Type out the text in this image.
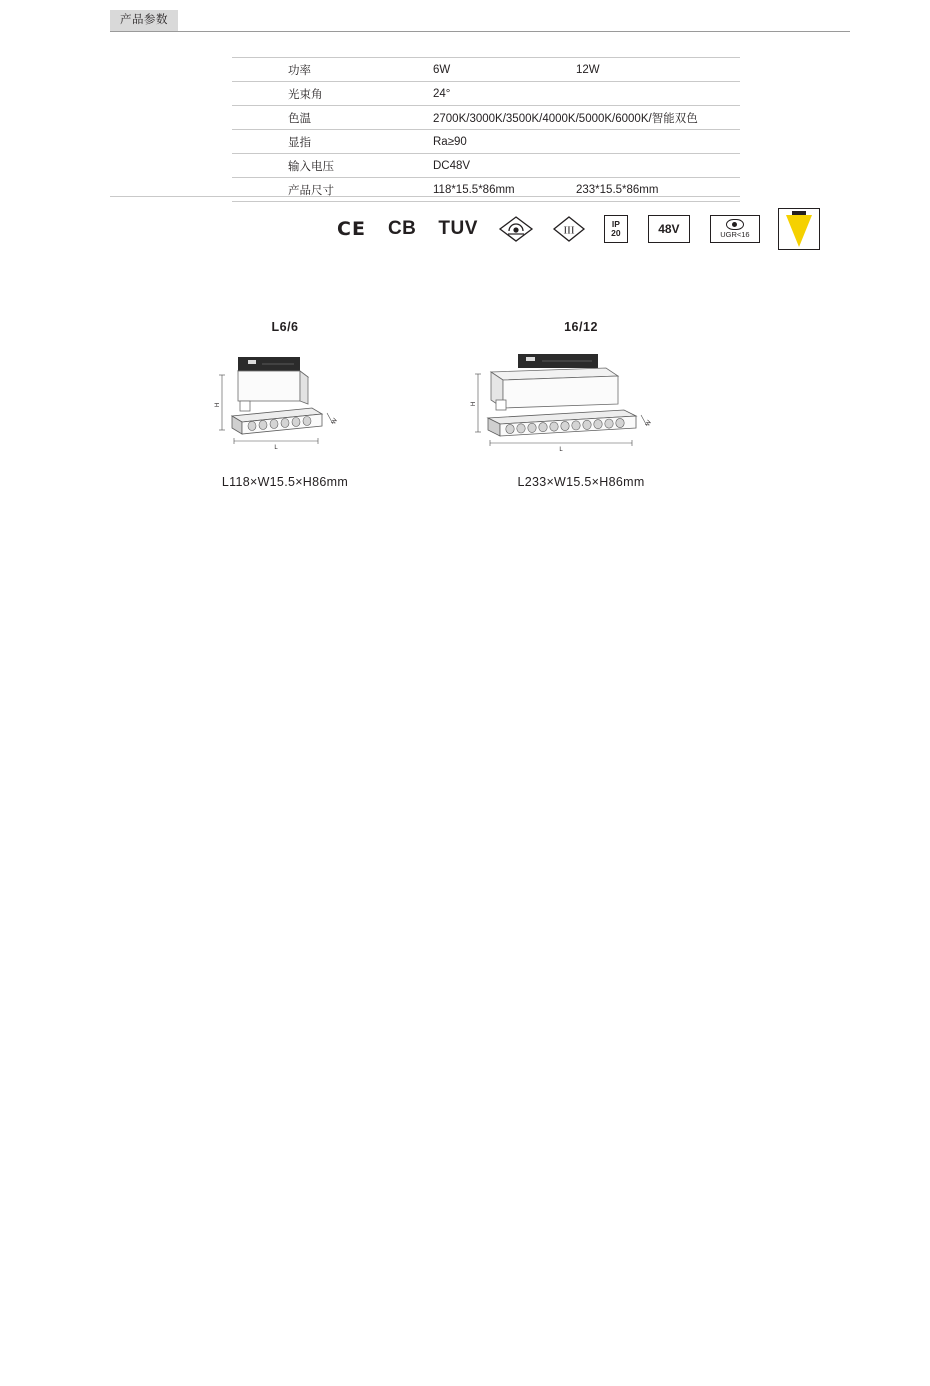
产品参数
功率	6W	12W
光束角	24°	
色温	2700K/3000K/3500K/4000K/5000K/6000K/智能双色	
显指	Ra≥90	
输入电压	DC48V	
产品尺寸	118*15.5*86mm	233*15.5*86mm
CE CB TUV	III
IP
20	48V	UGR<16
L6/6
H
L
W
L118×W15.5×H86mm
16/12
H
L
W
L233×W15.5×H86mm
